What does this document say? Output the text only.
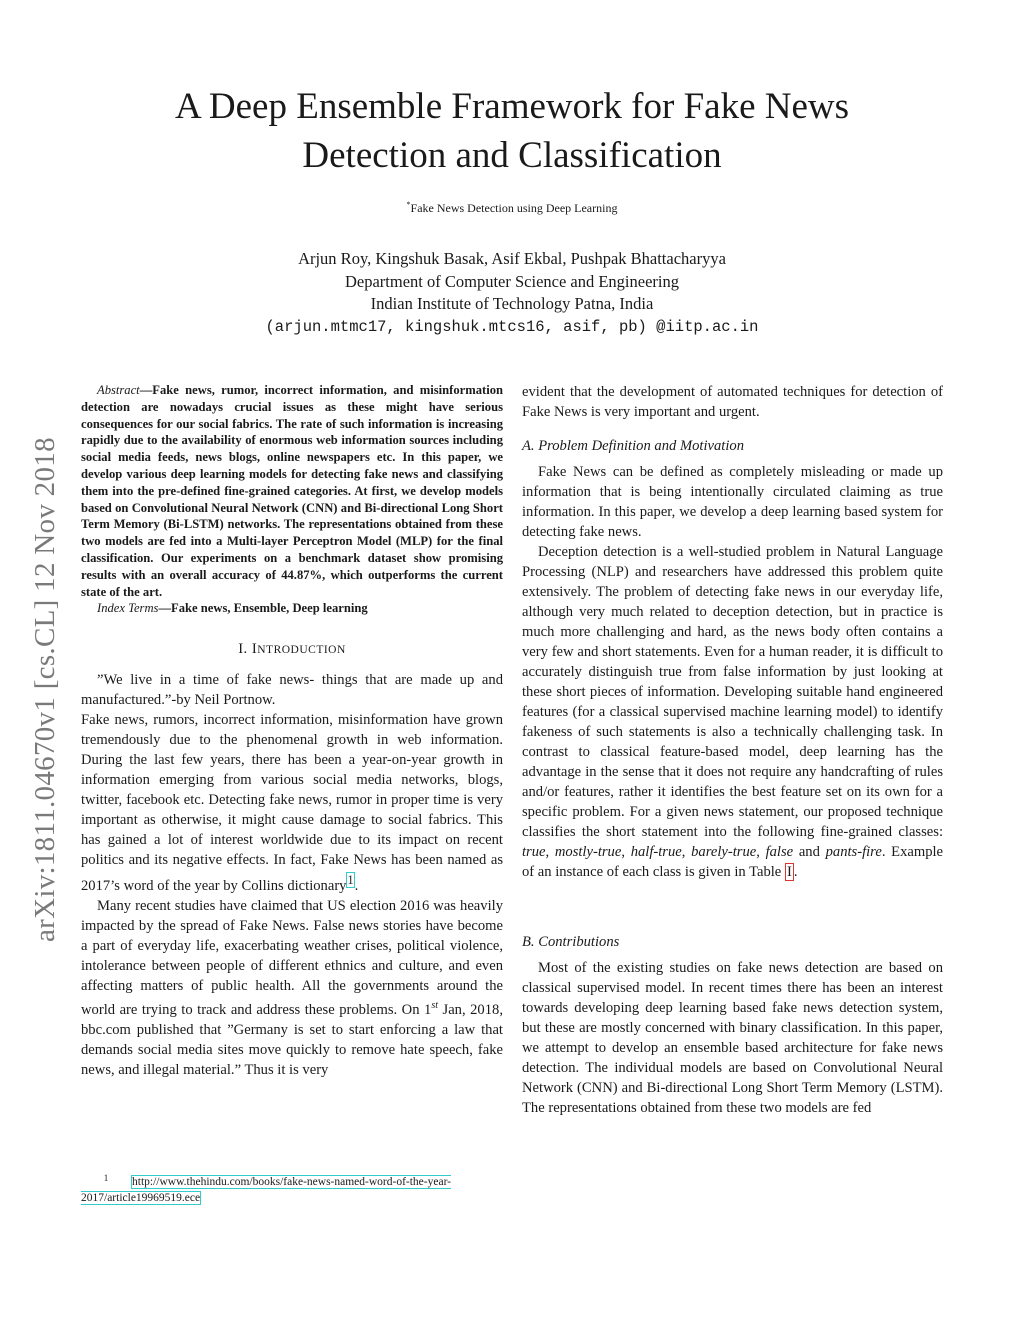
arXiv:1811.04670v1 [cs.CL] 12 Nov 2018
A Deep Ensemble Framework for Fake News
Detection and Classification

*Fake News Detection using Deep Learning

Arjun Roy, Kingshuk Basak, Asif Ekbal, Pushpak Bhattacharyya
Department of Computer Science and Engineering
Indian Institute of Technology Patna, India
(arjun.mtmc17, kingshuk.mtcs16, asif, pb) @iitp.ac.in

Abstract—Fake news, rumor, incorrect information, and misinformation detection are nowadays crucial issues as these might have serious consequences for our social fabrics. The rate of such information is increasing rapidly due to the availability of enormous web information sources including social media feeds, news blogs, online newspapers etc. In this paper, we develop various deep learning models for detecting fake news and classifying them into the pre-defined fine-grained categories. At first, we develop models based on Convolutional Neural Network (CNN) and Bi-directional Long Short Term Memory (Bi-LSTM) networks. The representations obtained from these two models are fed into a Multi-layer Perceptron Model (MLP) for the final classification. Our experiments on a benchmark dataset show promising results with an overall accuracy of 44.87%, which outperforms the current state of the art.

Index Terms—Fake news, Ensemble, Deep learning

I. INTRODUCTION

”We live in a time of fake news- things that are made up and manufactured.”-by Neil Portnow.

Fake news, rumors, incorrect information, misinformation have grown tremendously due to the phenomenal growth in web information. During the last few years, there has been a year-on-year growth in information emerging from various social media networks, blogs, twitter, facebook etc. Detecting fake news, rumor in proper time is very important as otherwise, it might cause damage to social fabrics. This has gained a lot of interest worldwide due to its impact on recent politics and its negative effects. In fact, Fake News has been named as 2017’s word of the year by Collins dictionary$^1$.

Many recent studies have claimed that US election 2016 was heavily impacted by the spread of Fake News. False news stories have become a part of everyday life, exacerbating weather crises, political violence, intolerance between people of different ethnics and culture, and even affecting matters of public health. All the governments around the world are trying to track and address these problems. On 1st Jan, 2018, bbc.com published that ”Germany is set to start enforcing a law that demands social media sites move quickly to remove hate speech, fake news, and illegal material.” Thus it is very

1 http://www.thehindu.com/books/fake-news-named-word-of-the-year-
2017/article19969519.ece

evident that the development of automated techniques for detection of Fake News is very important and urgent.

A. Problem Definition and Motivation

Fake News can be defined as completely misleading or made up information that is being intentionally circulated claiming as true information. In this paper, we develop a deep learning based system for detecting fake news.

Deception detection is a well-studied problem in Natural Language Processing (NLP) and researchers have addressed this problem quite extensively. The problem of detecting fake news in our everyday life, although very much related to deception detection, but in practice is much more challenging and hard, as the news body often contains a very few and short statements. Even for a human reader, it is difficult to accurately distinguish true from false information by just looking at these short pieces of information. Developing suitable hand engineered features (for a classical supervised machine learning model) to identify fakeness of such statements is also a technically challenging task. In contrast to classical feature-based model, deep learning has the advantage in the sense that it does not require any handcrafting of rules and/or features, rather it identifies the best feature set on its own for a specific problem. For a given news statement, our proposed technique classifies the short statement into the following fine-grained classes: true, mostly-true, half-true, barely-true, false and pants-fire. Example of an instance of each class is given in Table I .

B. Contributions

Most of the existing studies on fake news detection are based on classical supervised model. In recent times there has been an interest towards developing deep learning based fake news detection system, but these are mostly concerned with binary classification. In this paper, we attempt to develop an ensemble based architecture for fake news detection. The individual models are based on Convolutional Neural Network (CNN) and Bi-directional Long Short Term Memory (LSTM). The representations obtained from these two models are fed
